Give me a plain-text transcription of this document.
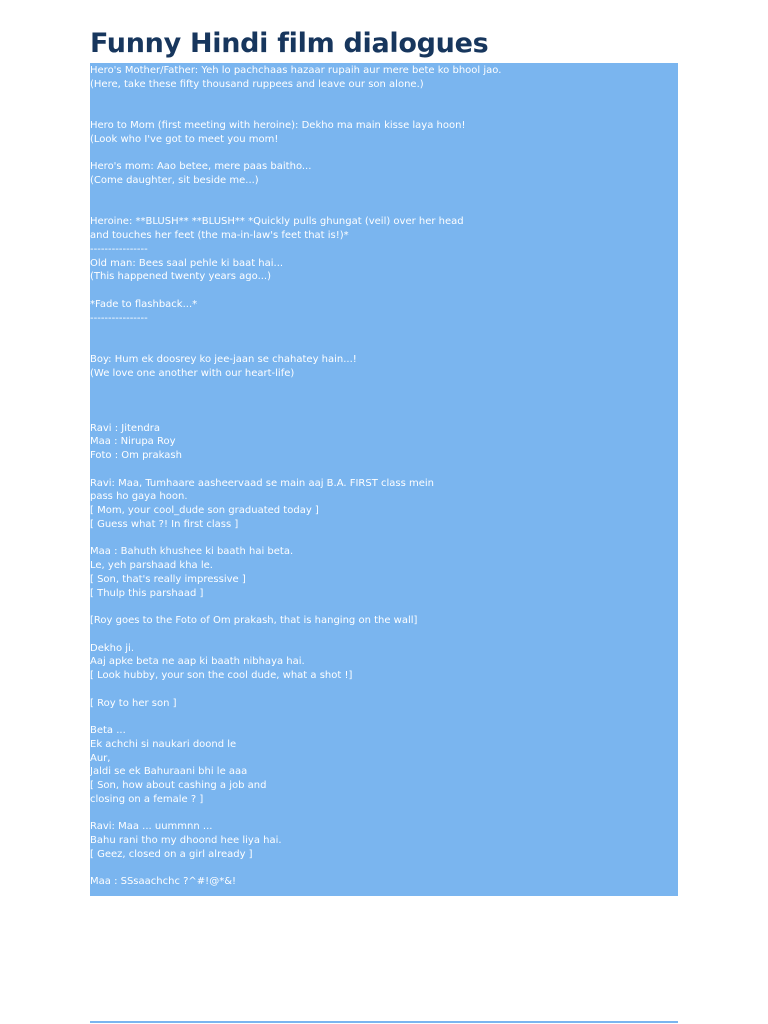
Funny Hindi film dialogues
Hero's Mother/Father: Yeh lo pachchaas hazaar rupaih aur mere bete ko bhool jao.
(Here, take these fifty thousand ruppees and leave our son alone.)
Hero to Mom (first meeting with heroine): Dekho ma main kisse laya hoon!
(Look who I've got to meet you mom!
Hero's mom: Aao betee, mere paas baitho...
(Come daughter, sit beside me...)
Heroine: **BLUSH** **BLUSH** *Quickly pulls ghungat (veil) over her head
and touches her feet (the ma-in-law's feet that is!)*
----------------
Old man: Bees saal pehle ki baat hai...
(This happened twenty years ago...)
*Fade to flashback...*
----------------
Boy: Hum ek doosrey ko jee-jaan se chahatey hain...!
(We love one another with our heart-life)
Ravi : Jitendra
Maa : Nirupa Roy
Foto : Om prakash
Ravi: Maa, Tumhaare aasheervaad se main aaj B.A. FIRST class mein
pass ho gaya hoon.
[ Mom, your cool_dude son graduated today ]
[ Guess what ?! In first class ]
Maa : Bahuth khushee ki baath hai beta.
Le, yeh parshaad kha le.
[ Son, that's really impressive ]
[ Thulp this parshaad ]
[Roy goes to the Foto of Om prakash, that is hanging on the wall]
Dekho ji.
Aaj apke beta ne aap ki baath nibhaya hai.
[ Look hubby, your son the cool dude, what a shot !]
[ Roy to her son ]
Beta ...
Ek achchi si naukari doond le
Aur,
Jaldi se ek Bahuraani bhi le aaa
[ Son, how about cashing a job and
closing on a female ? ]
Ravi: Maa ... uummnn ...
Bahu rani tho my dhoond hee liya hai.
[ Geez, closed on a girl already ]
Maa : SSsaachchc ?^#!@*&!
